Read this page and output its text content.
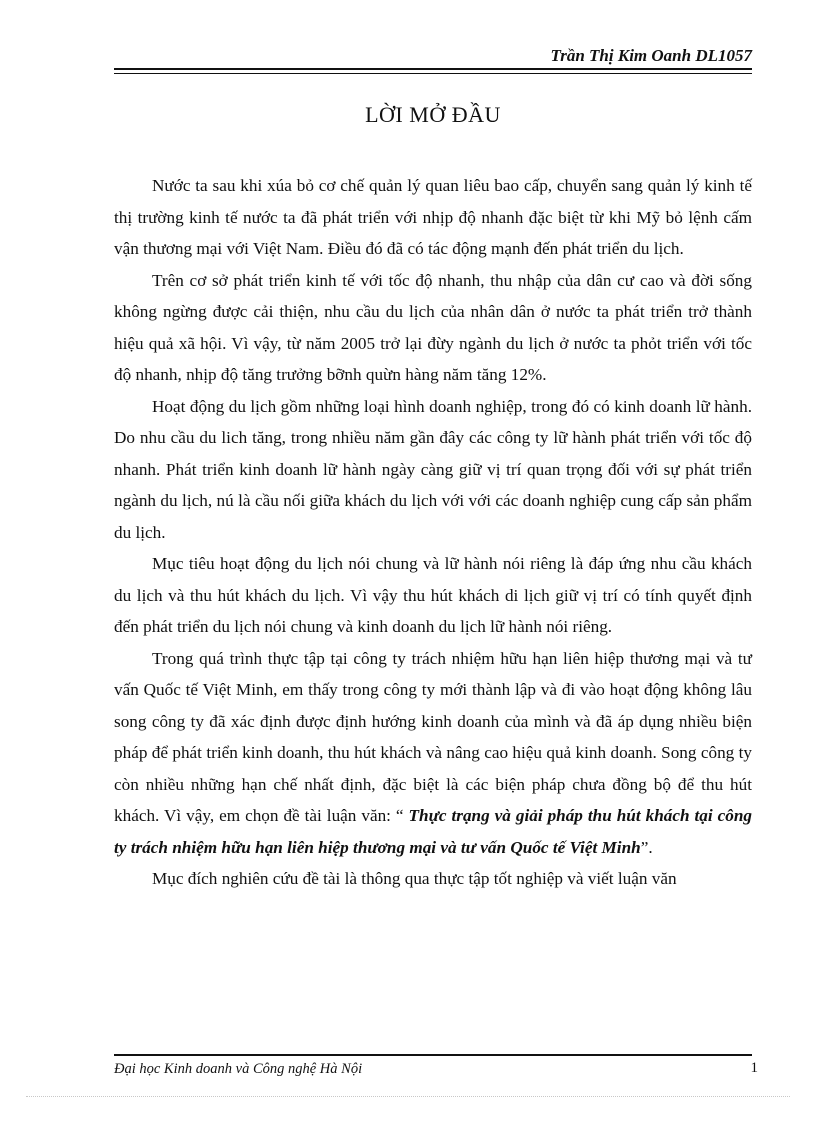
Trần Thị Kim Oanh DL1057
LỜI MỞ ĐẦU

Nước ta sau khi xúa bỏ cơ chế quản lý quan liêu bao cấp, chuyển sang quản lý kinh tế thị trường kinh tế nước ta đã phát triển với nhịp độ nhanh đặc biệt từ khi Mỹ bỏ lệnh cấm vận thương mại với Việt Nam. Điều đó đã có tác động mạnh đến phát triển du lịch.

Trên cơ sở phát triển kinh tế với tốc độ nhanh, thu nhập của dân cư cao và đời sống không ngừng được cải thiện, nhu cầu du lịch của nhân dân ở nước ta phát triển trở thành hiệu quả xã hội. Vì vậy, từ năm 2005 trở lại đừy ngành du lịch ở nước ta phỏt triển với tốc độ nhanh, nhịp độ tăng trưởng bỡnh quừn hàng năm tăng 12%.

Hoạt động du lịch gồm những loại hình doanh nghiệp, trong đó có kinh doanh lữ hành. Do nhu cầu du lich tăng, trong nhiều năm gần đây các công ty lữ hành phát triển với tốc độ nhanh. Phát triển kinh doanh lữ hành ngày càng giữ vị trí quan trọng đối với sự phát triển ngành du lịch, nú là cầu nối giữa khách du lịch với với các doanh nghiệp cung cấp sản phẩm du lịch.

Mục tiêu hoạt động du lịch nói chung và lữ hành nói riêng là đáp ứng nhu cầu khách du lịch và thu hút khách du lịch. Vì vậy thu hút khách di lịch giữ vị trí có tính quyết định đến phát triển du lịch nói chung và kinh doanh du lịch lữ hành nói riêng.

Trong quá trình thực tập tại công ty trách nhiệm hữu hạn liên hiệp thương mại và tư vấn Quốc tế Việt Minh, em thấy trong công ty mới thành lập và đi vào hoạt động không lâu song công ty đã xác định được định hướng kinh doanh của mình và đã áp dụng nhiều biện pháp để phát triển kinh doanh, thu hút khách và nâng cao hiệu quả kinh doanh. Song công ty còn nhiều những hạn chế nhất định, đặc biệt là các biện pháp chưa đồng bộ để thu hút khách. Vì vậy, em chọn đề tài luận văn: “ Thực trạng và giải pháp thu hút khách tại công ty trách nhiệm hữu hạn liên hiệp thương mại và tư vấn Quốc tế Việt Minh”.

Mục đích nghiên cứu đề tài là thông qua thực tập tốt nghiệp và viết luận văn

Đại học Kinh doanh và Công nghệ Hà Nội	1
